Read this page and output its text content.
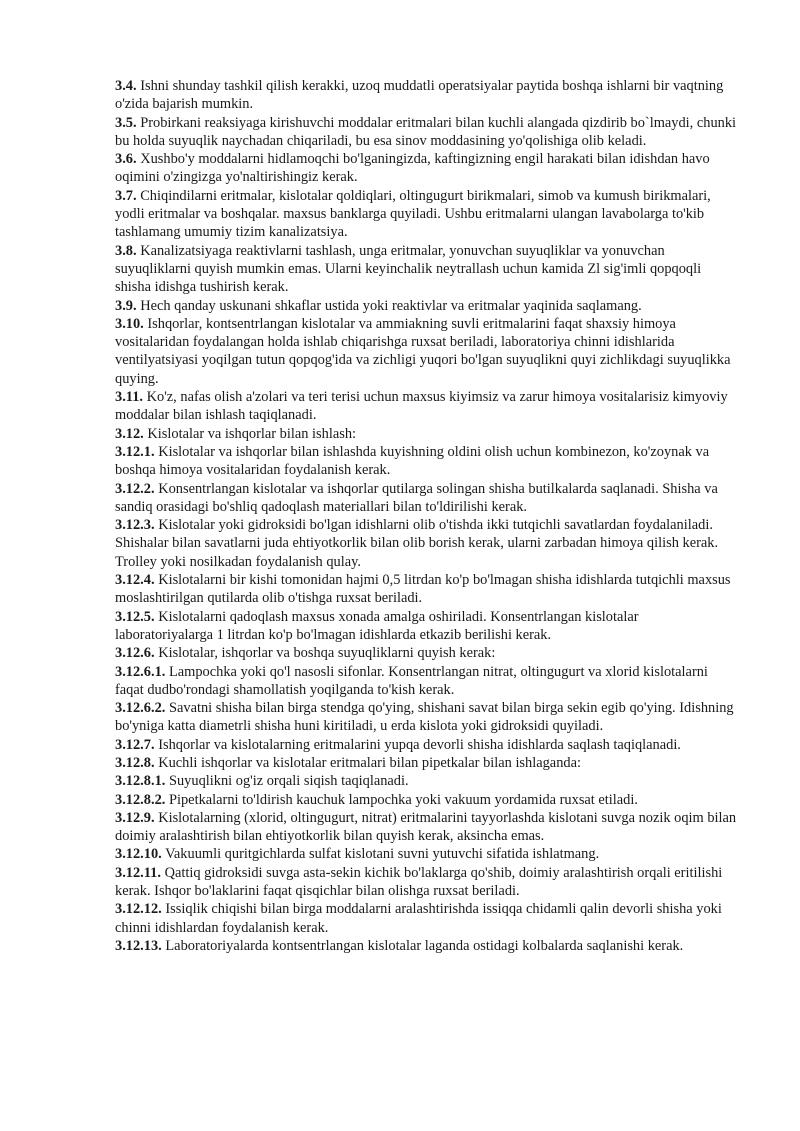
3.4. Ishni shunday tashkil qilish kerakki, uzoq muddatli operatsiyalar paytida boshqa ishlarni bir vaqtning o'zida bajarish mumkin.

3.5. Probirkani reaksiyaga kirishuvchi moddalar eritmalari bilan kuchli alangada qizdirib bo`lmaydi, chunki bu holda suyuqlik naychadan chiqariladi, bu esa sinov moddasining yo'qolishiga olib keladi.

3.6. Xushbo'y moddalarni hidlamoqchi bo'lganingizda, kaftingizning engil harakati bilan idishdan havo oqimini o'zingizga yo'naltirishingiz kerak.

3.7. Chiqindilarni eritmalar, kislotalar qoldiqlari, oltingugurt birikmalari, simob va kumush birikmalari, yodli eritmalar va boshqalar. maxsus banklarga quyiladi. Ushbu eritmalarni ulangan lavabolarga to'kib tashlamang umumiy tizim kanalizatsiya.

3.8. Kanalizatsiyaga reaktivlarni tashlash, unga eritmalar, yonuvchan suyuqliklar va yonuvchan suyuqliklarni quyish mumkin emas. Ularni keyinchalik neytrallash uchun kamida Zl sig'imli qopqoqli shisha idishga tushirish kerak.

3.9. Hech qanday uskunani shkaflar ustida yoki reaktivlar va eritmalar yaqinida saqlamang.

3.10. Ishqorlar, kontsentrlangan kislotalar va ammiakning suvli eritmalarini faqat shaxsiy himoya vositalaridan foydalangan holda ishlab chiqarishga ruxsat beriladi, laboratoriya chinni idishlarida ventilyatsiyasi yoqilgan tutun qopqog'ida va zichligi yuqori bo'lgan suyuqlikni quyi zichlikdagi suyuqlikka quying.

3.11. Ko'z, nafas olish a'zolari va teri terisi uchun maxsus kiyimsiz va zarur himoya vositalarisiz kimyoviy moddalar bilan ishlash taqiqlanadi.

3.12. Kislotalar va ishqorlar bilan ishlash:

3.12.1. Kislotalar va ishqorlar bilan ishlashda kuyishning oldini olish uchun kombinezon, ko'zoynak va boshqa himoya vositalaridan foydalanish kerak.

3.12.2. Konsentrlangan kislotalar va ishqorlar qutilarga solingan shisha butilkalarda saqlanadi. Shisha va sandiq orasidagi bo'shliq qadoqlash materiallari bilan to'ldirilishi kerak.

3.12.3. Kislotalar yoki gidroksidi bo'lgan idishlarni olib o'tishda ikki tutqichli savatlardan foydalaniladi. Shishalar bilan savatlarni juda ehtiyotkorlik bilan olib borish kerak, ularni zarbadan himoya qilish kerak. Trolley yoki nosilkadan foydalanish qulay.

3.12.4. Kislotalarni bir kishi tomonidan hajmi 0,5 litrdan ko'p bo'lmagan shisha idishlarda tutqichli maxsus moslashtirilgan qutilarda olib o'tishga ruxsat beriladi.

3.12.5. Kislotalarni qadoqlash maxsus xonada amalga oshiriladi. Konsentrlangan kislotalar laboratoriyalarga 1 litrdan ko'p bo'lmagan idishlarda etkazib berilishi kerak.

3.12.6. Kislotalar, ishqorlar va boshqa suyuqliklarni quyish kerak:

3.12.6.1. Lampochka yoki qo'l nasosli sifonlar. Konsentrlangan nitrat, oltingugurt va xlorid kislotalarni faqat dudbo'rondagi shamollatish yoqilganda to'kish kerak.

3.12.6.2. Savatni shisha bilan birga stendga qo'ying, shishani savat bilan birga sekin egib qo'ying. Idishning bo'yniga katta diametrli shisha huni kiritiladi, u erda kislota yoki gidroksidi quyiladi.

3.12.7. Ishqorlar va kislotalarning eritmalarini yupqa devorli shisha idishlarda saqlash taqiqlanadi.

3.12.8. Kuchli ishqorlar va kislotalar eritmalari bilan pipetkalar bilan ishlaganda:

3.12.8.1. Suyuqlikni og'iz orqali siqish taqiqlanadi.

3.12.8.2. Pipetkalarni to'ldirish kauchuk lampochka yoki vakuum yordamida ruxsat etiladi.

3.12.9. Kislotalarning (xlorid, oltingugurt, nitrat) eritmalarini tayyorlashda kislotani suvga nozik oqim bilan doimiy aralashtirish bilan ehtiyotkorlik bilan quyish kerak, aksincha emas.

3.12.10. Vakuumli quritgichlarda sulfat kislotani suvni yutuvchi sifatida ishlatmang.

3.12.11. Qattiq gidroksidi suvga asta-sekin kichik bo'laklarga qo'shib, doimiy aralashtirish orqali eritilishi kerak. Ishqor bo'laklarini faqat qisqichlar bilan olishga ruxsat beriladi.

3.12.12. Issiqlik chiqishi bilan birga moddalarni aralashtirishda issiqqa chidamli qalin devorli shisha yoki chinni idishlardan foydalanish kerak.

3.12.13. Laboratoriyalarda kontsentrlangan kislotalar laganda ostidagi kolbalarda saqlanishi kerak.
